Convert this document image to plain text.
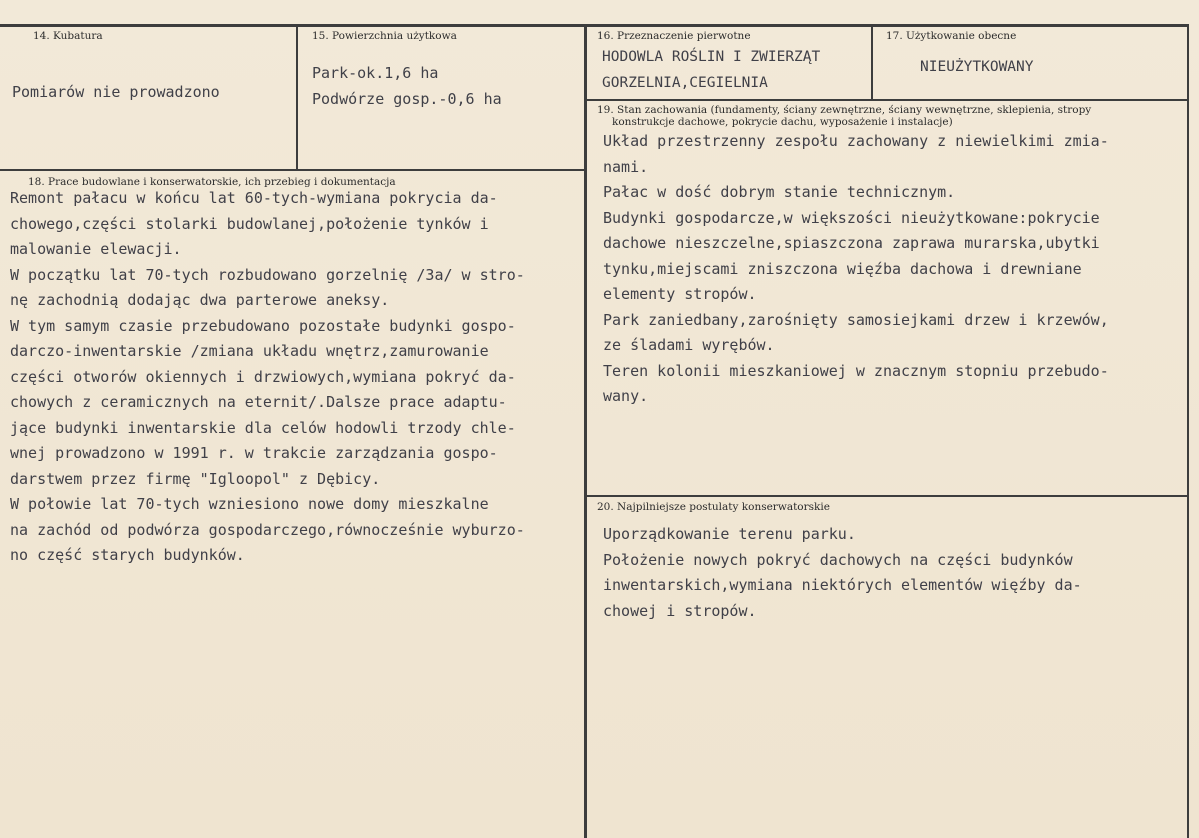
14. Kubatura
Pomiarów nie prowadzono
15. Powierzchnia użytkowa
Park-ok.1,6 ha
Podwórze gosp.-0,6 ha
16. Przeznaczenie pierwotne
HODOWLA ROŚLIN I ZWIERZĄT
GORZELNIA,CEGIELNIA
17. Użytkowanie obecne
NIEUŻYTKOWANY
19. Stan zachowania (fundamenty, ściany zewnętrzne, ściany wewnętrzne, sklepienia, stropy
konstrukcje dachowe, pokrycie dachu, wyposażenie i instalacje)
Układ przestrzenny zespołu zachowany z niewielkimi zmia-
nami.
Pałac w dość dobrym stanie technicznym.
Budynki gospodarcze,w większości nieużytkowane:pokrycie
dachowe nieszczelne,spiaszczona zaprawa murarska,ubytki
tynku,miejscami zniszczona więźba dachowa i drewniane
elementy stropów.
Park zaniedbany,zarośnięty samosiejkami drzew i krzewów,
ze śladami wyrębów.
Teren kolonii mieszkaniowej w znacznym stopniu przebudo-
wany.
18. Prace budowlane i konserwatorskie, ich przebieg i dokumentacja
Remont pałacu w końcu lat 60-tych-wymiana pokrycia da-
chowego,części stolarki budowlanej,położenie tynków i
malowanie elewacji.
W początku lat 70-tych rozbudowano gorzelnię /3a/ w stro-
nę zachodnią dodając dwa parterowe aneksy.
W tym samym czasie przebudowano pozostałe budynki gospo-
darczo-inwentarskie /zmiana układu wnętrz,zamurowanie
części otworów okiennych i drzwiowych,wymiana pokryć da-
chowych z ceramicznych na eternit/.Dalsze prace adaptu-
jące budynki inwentarskie dla celów hodowli trzody chle-
wnej prowadzono w 1991 r. w trakcie zarządzania gospo-
darstwem przez firmę "Igloopol" z Dębicy.
W połowie lat 70-tych wzniesiono nowe domy mieszkalne
na zachód od podwórza gospodarczego,równocześnie wyburzo-
no część starych budynków.
20. Najpilniejsze postulaty konserwatorskie
Uporządkowanie terenu parku.
Położenie nowych pokryć dachowych na części budynków
inwentarskich,wymiana niektórych elementów więźby da-
chowej i stropów.
